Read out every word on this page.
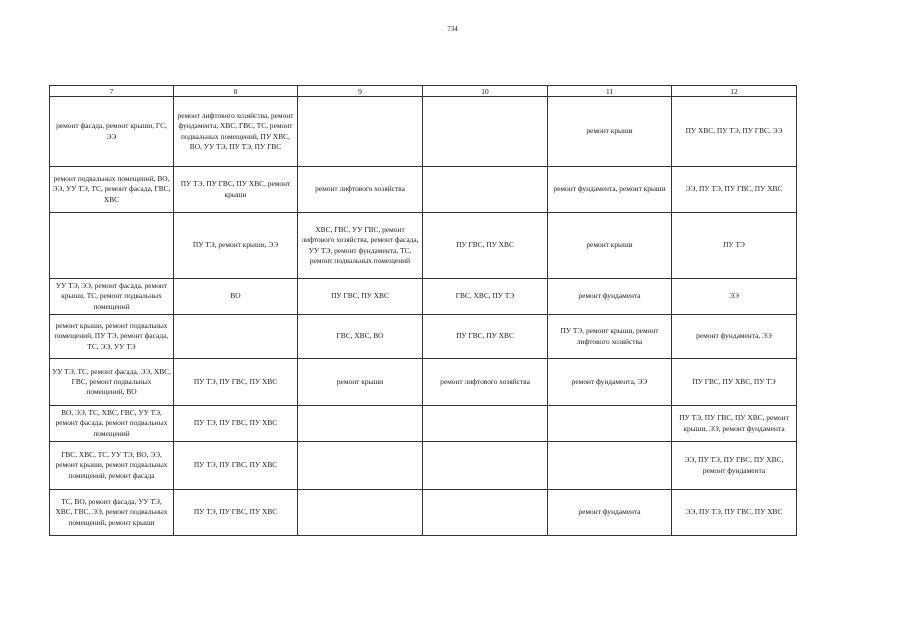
734
7	8	9	10	11	12
ремонт фасада, ремонт крыши, ГС, ЭЭ	ремонт лифтового хозяйства, ремонт фундамента, ХВС, ГВС, ТС, ремонт подвальных помещений, ПУ ХВС, ВО, УУ ТЭ, ПУ ТЭ, ПУ ГВС			ремонт крыши	ПУ ХВС, ПУ ТЭ, ПУ ГВС, ЭЭ
ремонт подвальных помещений, ВО, ЭЭ, УУ ТЭ, ТС, ремонт фасада, ГВС, ХВС	ПУ ТЭ, ПУ ГВС, ПУ ХВС, ремонт крыши	ремонт лифтового хозяйства		ремонт фундамента, ремонт крыши	ЭЭ, ПУ ТЭ, ПУ ГВС, ПУ ХВС
	ПУ ТЭ, ремонт крыши, ЭЭ	ХВС, ГВС, УУ ГВС, ремонт лифтового хозяйства, ремонт фасада, УУ ТЭ, ремонт фундамента, ТС, ремонт подвальных помещений	ПУ ГВС, ПУ ХВС	ремонт крыши	ПУ ТЭ
УУ ТЭ, ЭЭ, ремонт фасада, ремонт крыши, ТС, ремонт подвальных помещений	ВО	ПУ ГВС, ПУ ХВС	ГВС, ХВС, ПУ ТЭ	ремонт фундамента	ЭЭ
ремонт крыши, ремонт подвальных помещений, ПУ ТЭ, ремонт фасада, ТС, ЭЭ, УУ ТЭ		ГВС, ХВС, ВО	ПУ ГВС, ПУ ХВС	ПУ ТЭ, ремонт крыши, ремонт лифтового хозяйства	ремонт фундамента, ЭЭ
УУ ТЭ, ТС, ремонт фасада, ЭЭ, ХВС, ГВС, ремонт подвальных помещений, ВО	ПУ ТЭ, ПУ ГВС, ПУ ХВС	ремонт крыши	ремонт лифтового хозяйства	ремонт фундамента, ЭЭ	ПУ ГВС, ПУ ХВС, ПУ ТЭ
ВО, ЭЭ, ТС, ХВС, ГВС, УУ ТЭ, ремонт фасада, ремонт подвальных помещений	ПУ ТЭ, ПУ ГВС, ПУ ХВС				ПУ ТЭ, ПУ ГВС, ПУ ХВС, ремонт крыши, ЭЭ, ремонт фундамента
ГВС, ХВС, ТС, УУ ТЭ, ВО, ЭЭ, ремонт крыши, ремонт подвальных помещений, ремонт фасада	ПУ ТЭ, ПУ ГВС, ПУ ХВС				ЭЭ, ПУ ТЭ, ПУ ГВС, ПУ ХВС, ремонт фундамента
ТС, ВО, ремонт фасада, УУ ТЭ, ХВС, ГВС, ЭЭ, ремонт подвальных помещений, ремонт крыши	ПУ ТЭ, ПУ ГВС, ПУ ХВС			ремонт фундамента	ЭЭ, ПУ ТЭ, ПУ ГВС, ПУ ХВС
